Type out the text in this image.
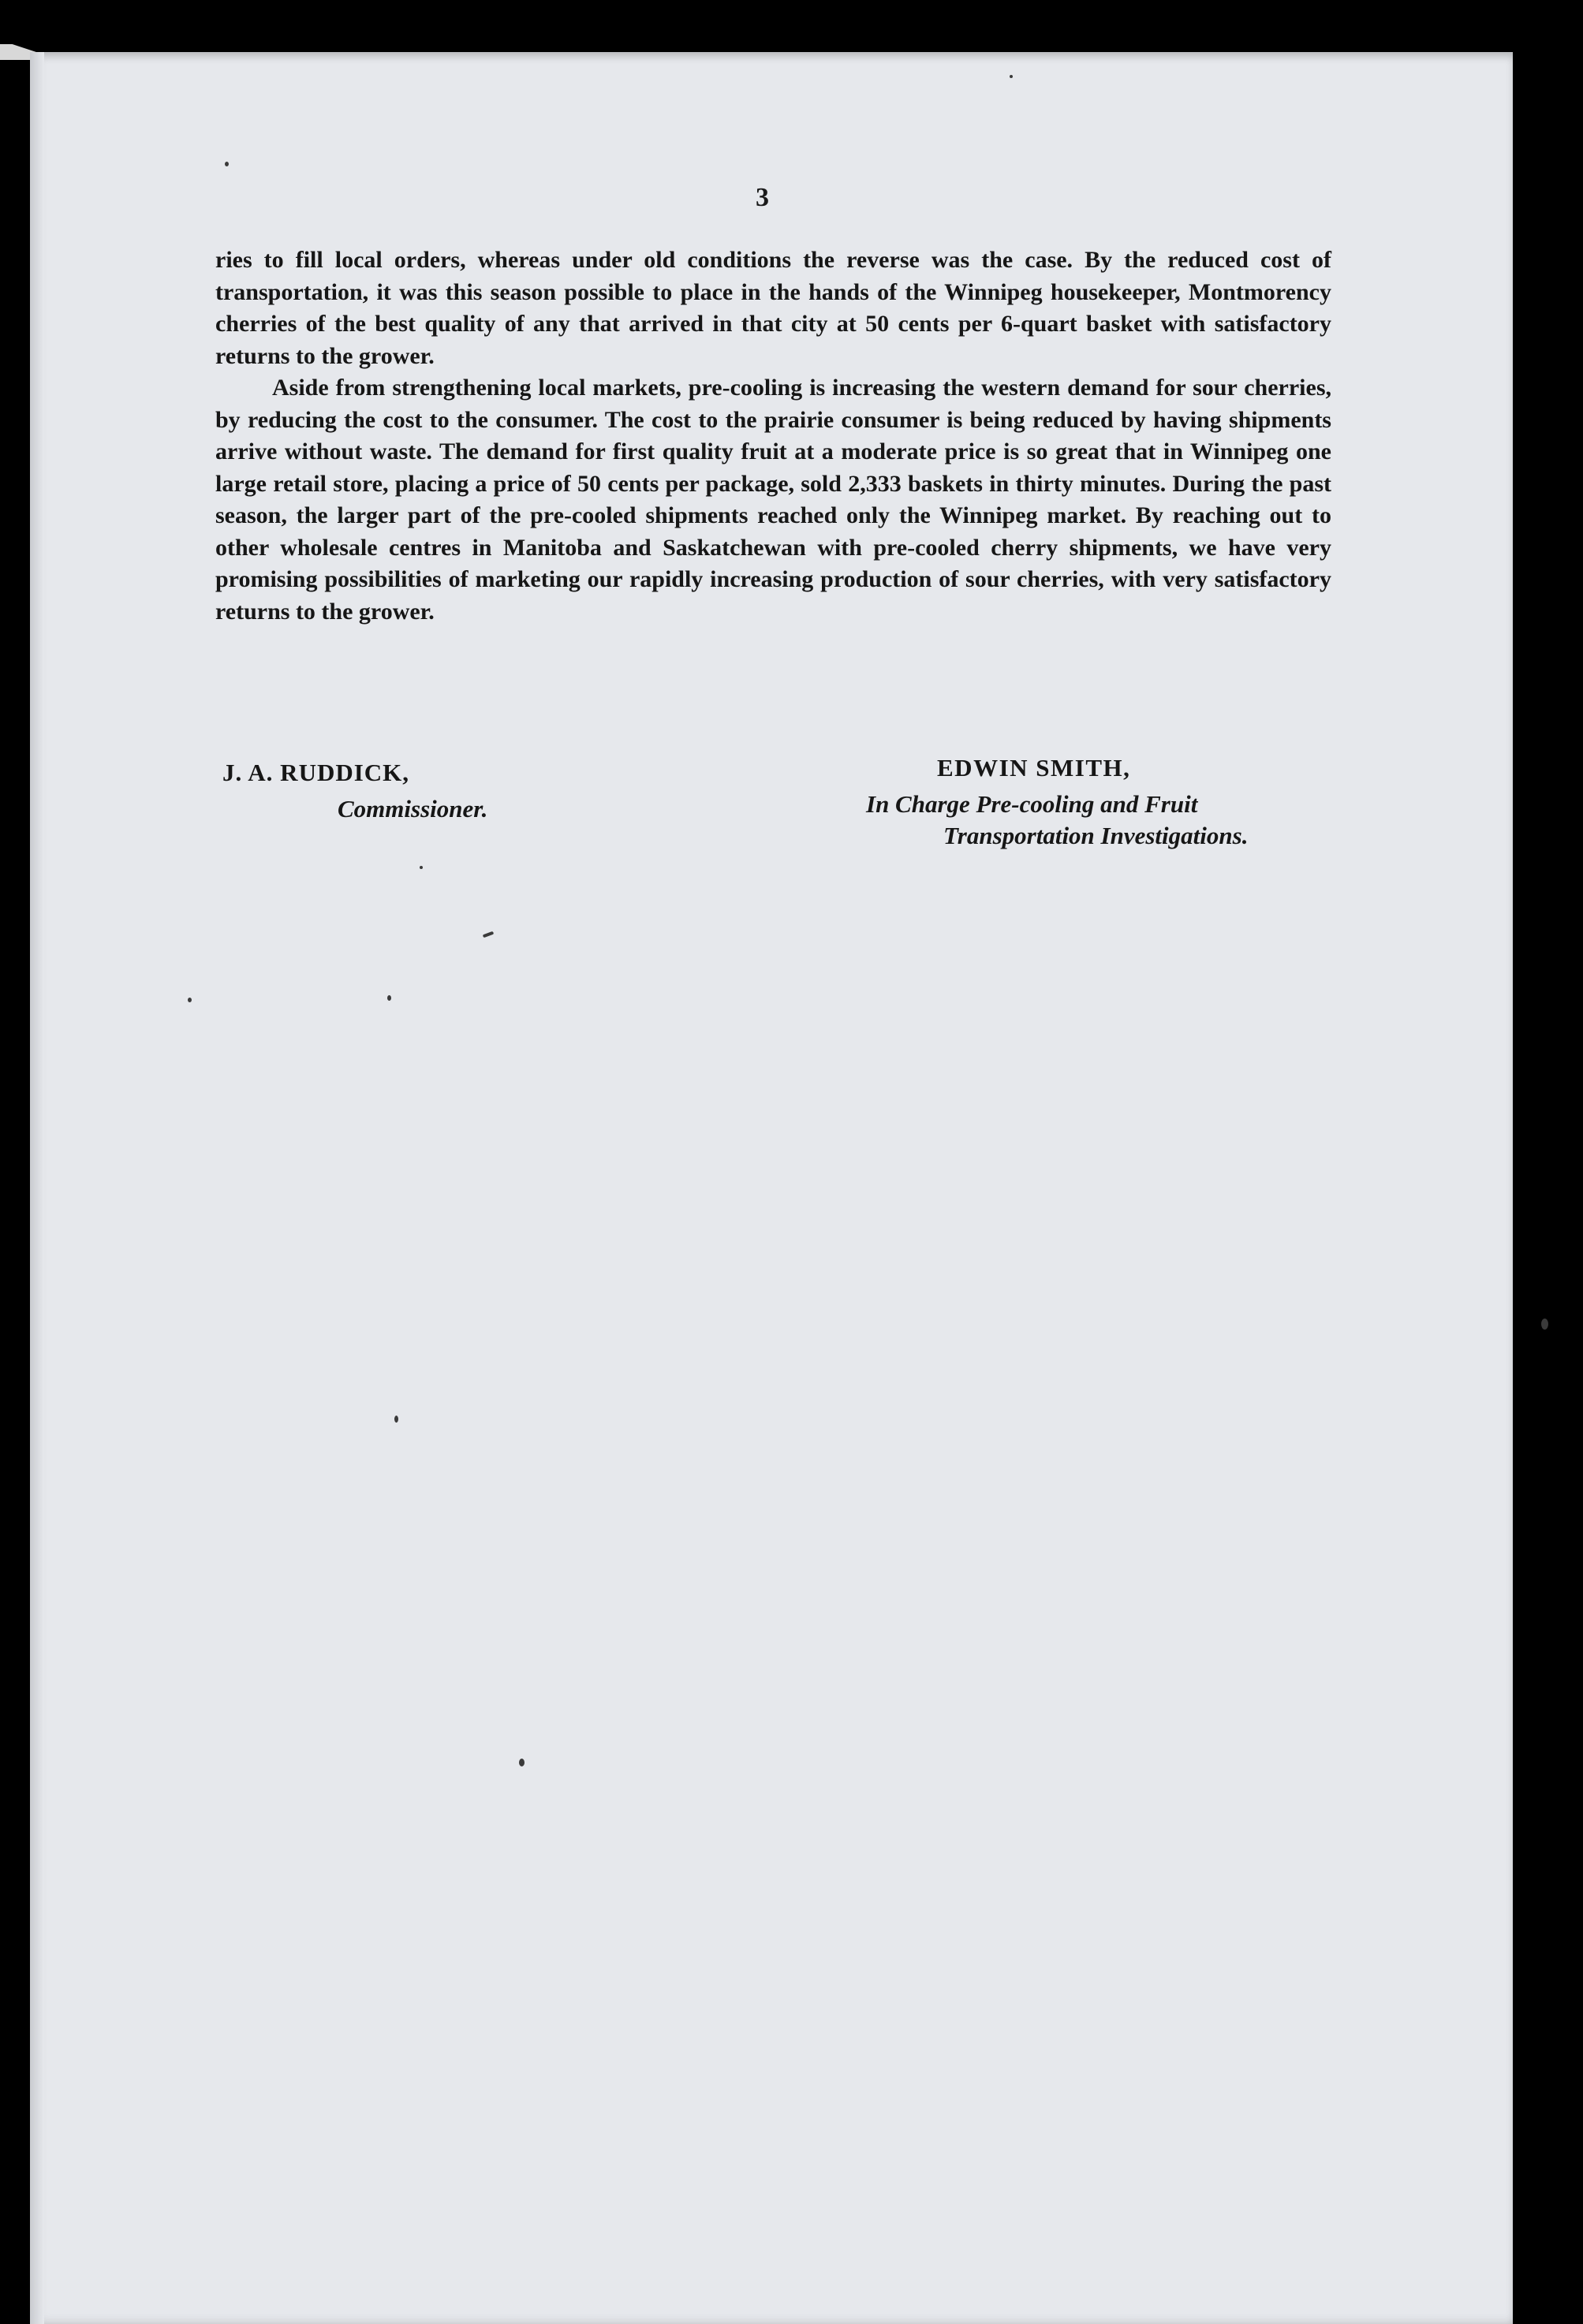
3

ries to fill local orders, whereas under old conditions the reverse was the case. By the reduced cost of transportation, it was this season possible to place in the hands of the Winnipeg housekeeper, Montmorency cherries of the best quality of any that arrived in that city at 50 cents per 6-quart basket with satisfactory returns to the grower.

Aside from strengthening local markets, pre-cooling is increasing the western demand for sour cherries, by reducing the cost to the consumer. The cost to the prairie consumer is being reduced by having shipments arrive without waste. The demand for first quality fruit at a moderate price is so great that in Winnipeg one large retail store, placing a price of 50 cents per package, sold 2,333 baskets in thirty minutes. During the past season, the larger part of the pre-cooled shipments reached only the Winnipeg market. By reaching out to other wholesale centres in Manitoba and Saskatchewan with pre-cooled cherry shipments, we have very promising possibilities of marketing our rapidly increasing production of sour cherries, with very satisfactory returns to the grower.

J. A. RUDDICK,
Commissioner.
EDWIN SMITH,
In Charge Pre-cooling and Fruit
Transportation Investigations.
